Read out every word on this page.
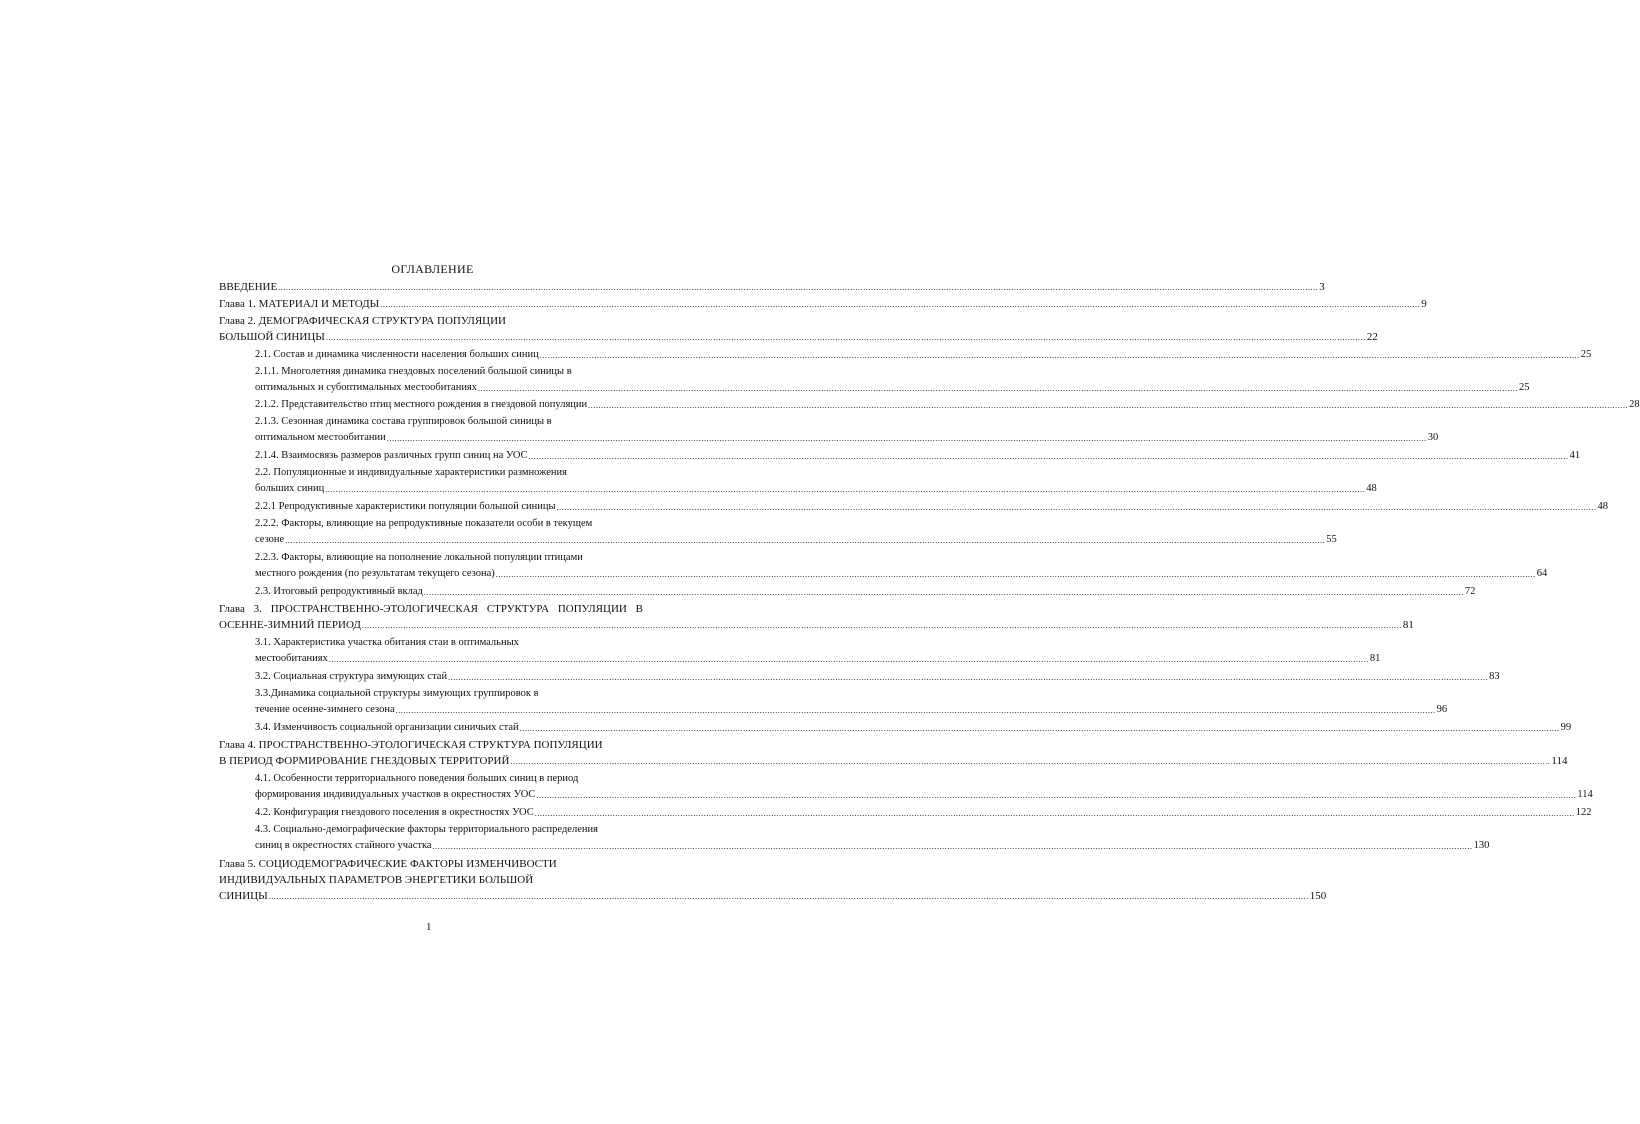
ОГЛАВЛЕНИЕ
ВВЕДЕНИЕ ................................................................................................................................................................................................................................................................................................................................................................................................................ 3
Глава 1. МАТЕРИАЛ И МЕТОДЫ ................................................................................................................................................................................................................................................................................................................................................................................................................ 9
Глава 2. ДЕМОГРАФИЧЕСКАЯ СТРУКТУРА ПОПУЛЯЦИИ
БОЛЬШОЙ СИНИЦЫ ................................................................................................................................................................................................................................................................................................................................................................................................................ 22
2.1. Состав и динамика численности населения больших синиц ................................................................................................................................................................................................................................................................................................................................................................................................................ 25
2.1.1. Многолетняя динамика гнездовых поселений большой синицы в
оптимальных и субоптимальных местообитаниях ................................................................................................................................................................................................................................................................................................................................................................................................................ 25
2.1.2. Представительство птиц местного рождения в гнездовой популяции ................................................................................................................................................................................................................................................................................................................................................................................................................ 28
2.1.3. Сезонная динамика состава группировок большой синицы в
оптимальном местообитании ................................................................................................................................................................................................................................................................................................................................................................................................................ 30
2.1.4. Взаимосвязь размеров различных групп синиц на УОС ................................................................................................................................................................................................................................................................................................................................................................................................................ 41
2.2. Популяционные и индивидуальные характеристики размножения
больших синиц ................................................................................................................................................................................................................................................................................................................................................................................................................ 48
2.2.1 Репродуктивные характеристики популяции большой синицы ................................................................................................................................................................................................................................................................................................................................................................................................................ 48
2.2.2. Факторы, влияющие на репродуктивные показатели особи в текущем
сезоне ................................................................................................................................................................................................................................................................................................................................................................................................................ 55
2.2.3. Факторы, влияющие на пополнение локальной популяции птицами
местного рождения (по результатам текущего сезона) ................................................................................................................................................................................................................................................................................................................................................................................................................ 64
2.3. Итоговый репродуктивный вклад ................................................................................................................................................................................................................................................................................................................................................................................................................ 72
Глава 3. ПРОСТРАНСТВЕННО-ЭТОЛОГИЧЕСКАЯ СТРУКТУРА ПОПУЛЯЦИИ В
ОСЕННЕ-ЗИМНИЙ ПЕРИОД ................................................................................................................................................................................................................................................................................................................................................................................................................ 81
3.1. Характеристика участка обитания стаи в оптимальных
местообитаниях ................................................................................................................................................................................................................................................................................................................................................................................................................ 81
3.2. Социальная структура зимующих стай ................................................................................................................................................................................................................................................................................................................................................................................................................ 83
3.3.Динамика социальной структуры зимующих группировок в
течение осенне-зимнего сезона ................................................................................................................................................................................................................................................................................................................................................................................................................ 96
3.4. Изменчивость социальной организации синичьих стай ................................................................................................................................................................................................................................................................................................................................................................................................................ 99
Глава 4. ПРОСТРАНСТВЕННО-ЭТОЛОГИЧЕСКАЯ СТРУКТУРА ПОПУЛЯЦИИ
В ПЕРИОД ФОРМИРОВАНИЕ ГНЕЗДОВЫХ ТЕРРИТОРИЙ ................................................................................................................................................................................................................................................................................................................................................................................................................ 114
4.1. Особенности территориального поведения больших синиц в период
формирования индивидуальных участков в окрестностях УОС ................................................................................................................................................................................................................................................................................................................................................................................................................ 114
4.2. Конфигурация гнездового поселения в окрестностях УОС ................................................................................................................................................................................................................................................................................................................................................................................................................ 122
4.3. Социально-демографические факторы территориального распределения
синиц в окрестностях стайного участка ................................................................................................................................................................................................................................................................................................................................................................................................................ 130
Глава 5. СОЦИОДЕМОГРАФИЧЕСКИЕ ФАКТОРЫ ИЗМЕНЧИВОСТИ
ИНДИВИДУАЛЬНЫХ ПАРАМЕТРОВ ЭНЕРГЕТИКИ БОЛЬШОЙ
СИНИЦЫ ................................................................................................................................................................................................................................................................................................................................................................................................................ 150
1
